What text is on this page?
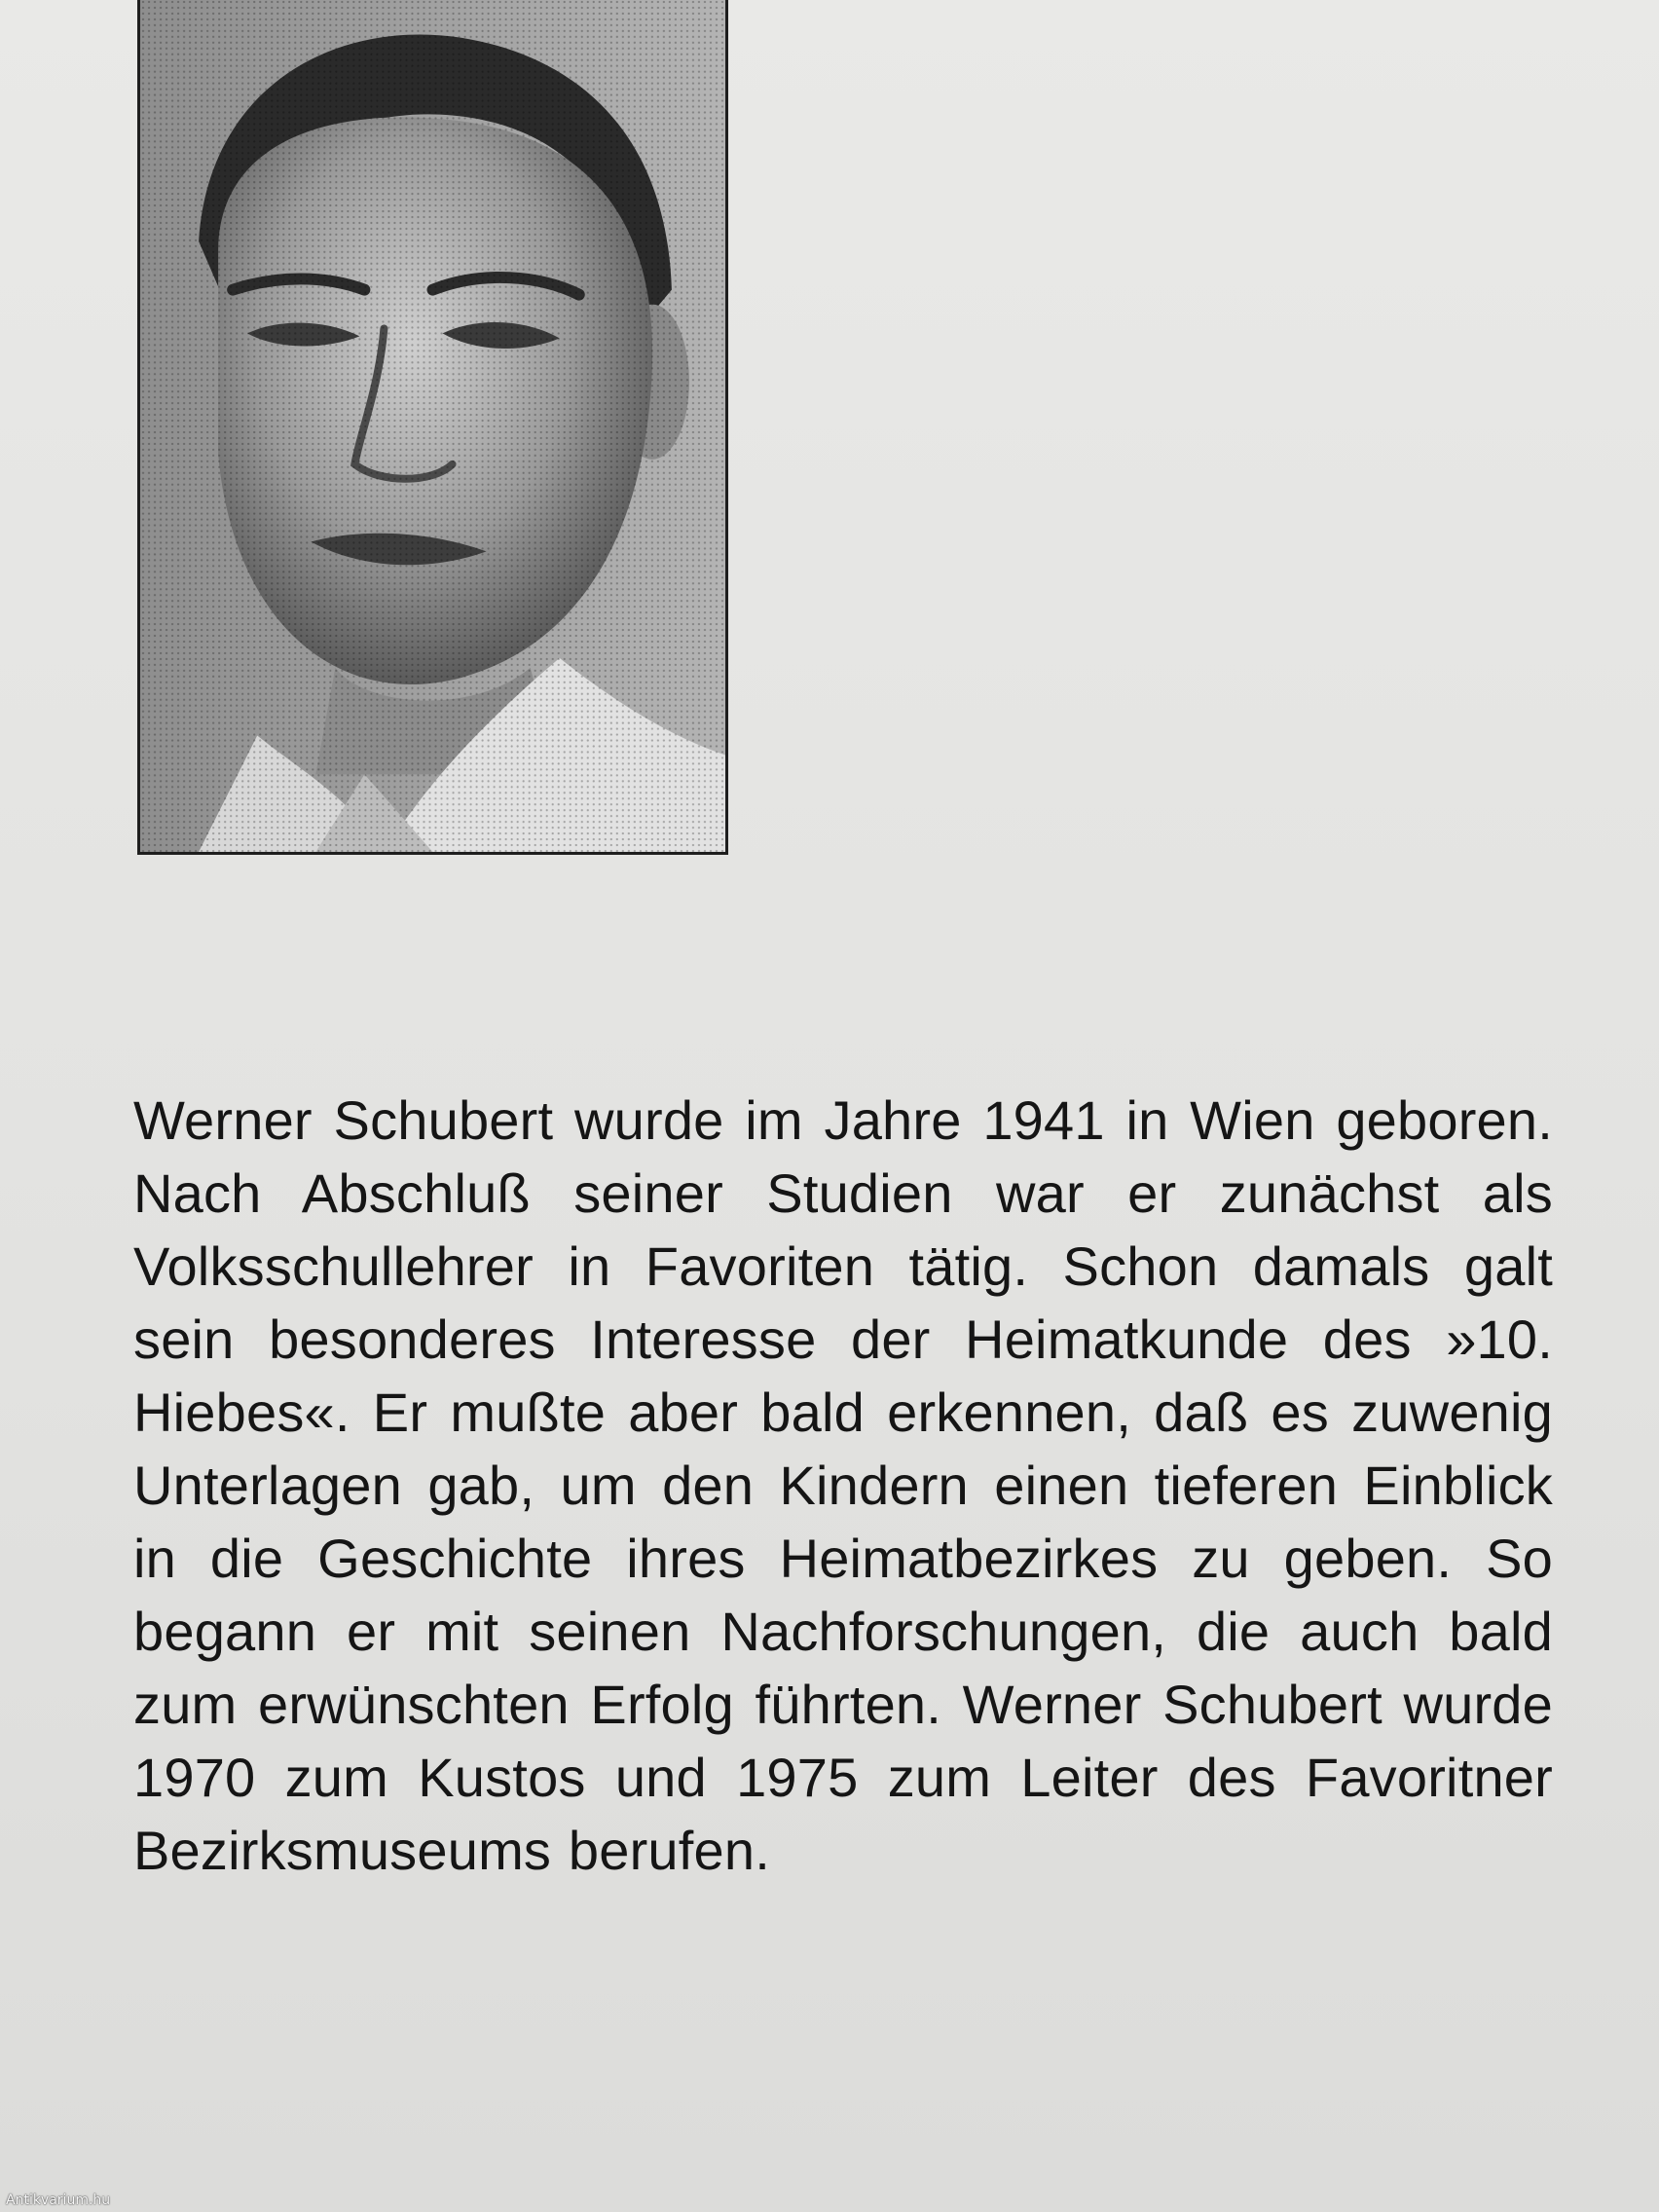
Werner Schubert wurde im Jahre 1941 in Wien geboren. Nach Abschluß seiner Studien war er zunächst als Volksschullehrer in Favoriten tätig. Schon damals galt sein besonderes Interesse der Heimatkunde des »10. Hiebes«. Er mußte aber bald erkennen, daß es zuwenig Unterlagen gab, um den Kindern einen tieferen Einblick in die Geschichte ihres Heimatbezirkes zu geben. So begann er mit seinen Nachforschungen, die auch bald zum erwünschten Erfolg führten. Werner Schubert wurde 1970 zum Kustos und 1975 zum Leiter des Favoritner Bezirksmuseums berufen.

Antikvarium.hu
